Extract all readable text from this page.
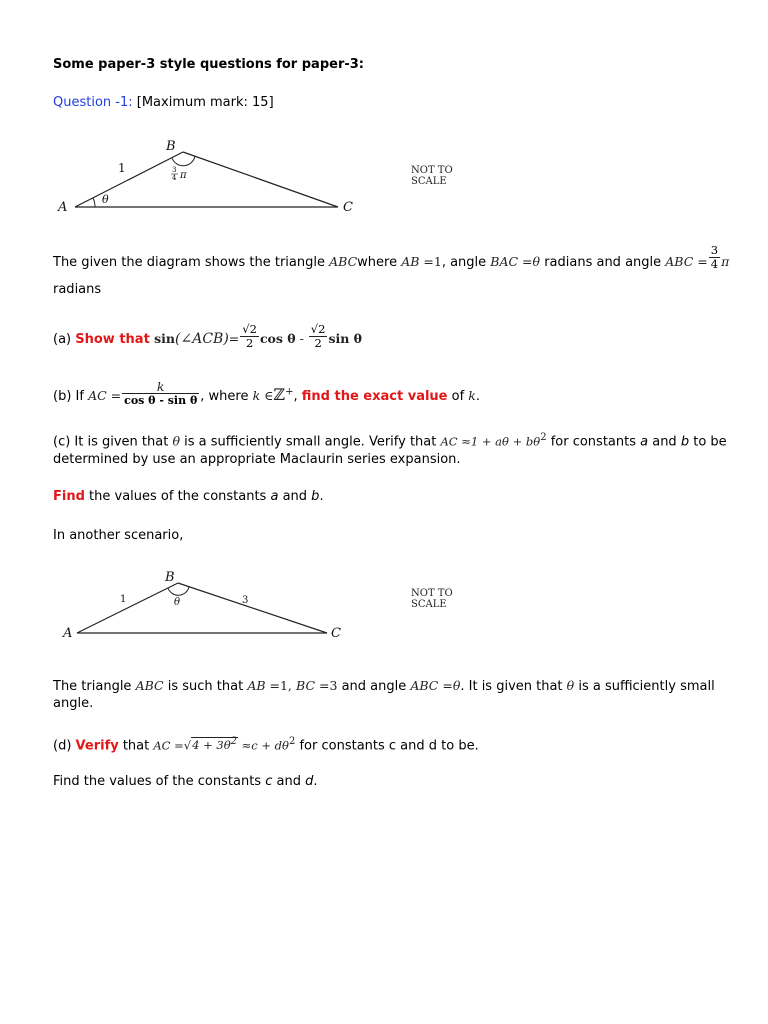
Some paper-3 style questions for paper-3:
Question -1: [Maximum mark: 15]
A
B
C
1
θ
3
4 π	NOT TO
SCALE
The given the diagram shows the triangle ABCwhere AB =1, angle BAC =θ radians and angle ABC = $\frac{3}{4}$ π
radians
(a) Show that sin(∠ACB)= $\frac{√2}{2}$ cos θ - $\frac{√2}{2}$ sin θ
(b) If AC = $\frac{k}{\text{cos θ - sin θ}}$ , where k ∈ℤ+, find the exact value of k.
(c) It is given that θ is a sufficiently small angle. Verify that AC $\approx 1 + a\theta + b\theta^2$ for constants a and b to be
determined by use an appropriate Maclaurin series expansion.
Find the values of the constants a and b.
In another scenario,
A
B
C
1	3
θ
NOT TO
SCALE
The triangle ABC is such that AB =1, BC =3 and angle ABC =θ. It is given that θ is a sufficiently small
angle.
(d) Verify that AC $=√4 + 3\theta^2 \approx c + d\theta^2$ for constants c and d to be.
Find the values of the constants c and d.
